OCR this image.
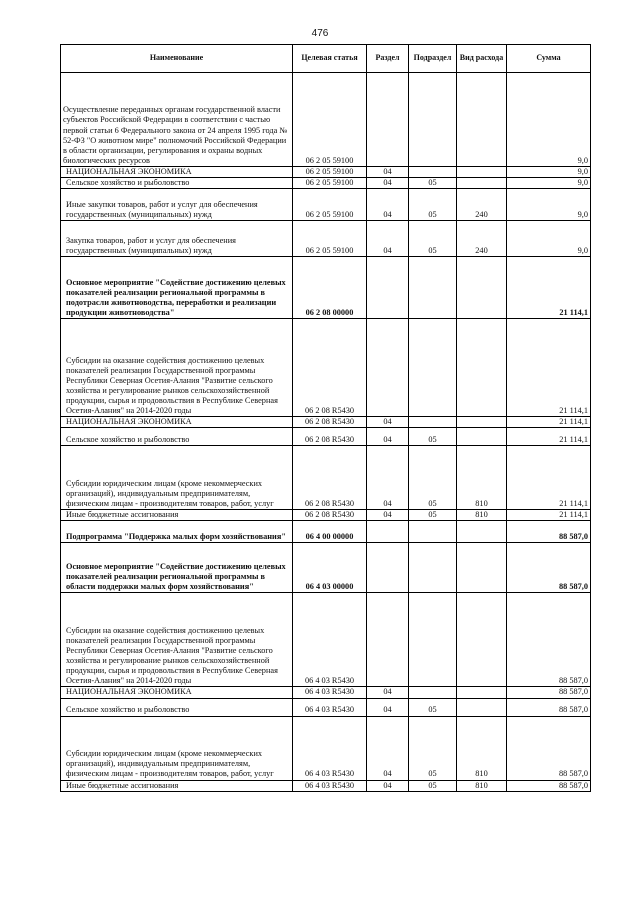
476
Наименование	Целевая статья	Раздел	Подраздел	Вид расхода	Сумма
Осуществление переданных органам государственной власти субъектов Российской Федерации в соответствии с частью первой статьи 6 Федерального закона от 24 апреля 1995 года № 52-ФЗ "О животном мире" полномочий Российской Федерации в области организации, регулирования и охраны водных биологических ресурсов	06 2 05 59100				9,0
НАЦИОНАЛЬНАЯ ЭКОНОМИКА	06 2 05 59100	04			9,0
Сельское хозяйство и рыболовство	06 2 05 59100	04	05		9,0
Иные закупки товаров, работ и услуг для обеспечения государственных (муниципальных) нужд	06 2 05 59100	04	05	240	9,0
Закупка товаров, работ и услуг для обеспечения государственных (муниципальных) нужд	06 2 05 59100	04	05	240	9,0
Основное мероприятие "Содействие достижению целевых показателей реализации региональной программы в подотрасли животноводства, переработки и реализации продукции животноводства"	06 2 08 00000				21 114,1
Субсидии на оказание содействия достижению целевых показателей реализации Государственной программы Республики Северная Осетия-Алания "Развитие сельского хозяйства и регулирование рынков сельскохозяйственной продукции, сырья и продовольствия в Республике Северная Осетия-Алания" на 2014-2020 годы	06 2 08 R5430				21 114,1
НАЦИОНАЛЬНАЯ ЭКОНОМИКА	06 2 08 R5430	04			21 114,1
Сельское хозяйство и рыболовство	06 2 08 R5430	04	05		21 114,1
Субсидии юридическим лицам (кроме некоммерческих организаций), индивидуальным предпринимателям, физическим лицам - производителям товаров, работ, услуг	06 2 08 R5430	04	05	810	21 114,1
Иные бюджетные ассигнования	06 2 08 R5430	04	05	810	21 114,1
Подпрограмма "Поддержка малых форм хозяйствования"	06 4 00 00000				88 587,0
Основное мероприятие "Содействие достижению целевых показателей реализации региональной программы в области поддержки малых форм хозяйствования"	06 4 03 00000				88 587,0
Субсидии на оказание содействия достижению целевых показателей реализации Государственной программы Республики Северная Осетия-Алания "Развитие сельского хозяйства и регулирование рынков сельскохозяйственной продукции, сырья и продовольствия в Республике Северная Осетия-Алания" на 2014-2020 годы	06 4 03 R5430				88 587,0
НАЦИОНАЛЬНАЯ ЭКОНОМИКА	06 4 03 R5430	04			88 587,0
Сельское хозяйство и рыболовство	06 4 03 R5430	04	05		88 587,0
Субсидии юридическим лицам (кроме некоммерческих организаций), индивидуальным предпринимателям, физическим лицам - производителям товаров, работ, услуг	06 4 03 R5430	04	05	810	88 587,0
Иные бюджетные ассигнования	06 4 03 R5430	04	05	810	88 587,0
